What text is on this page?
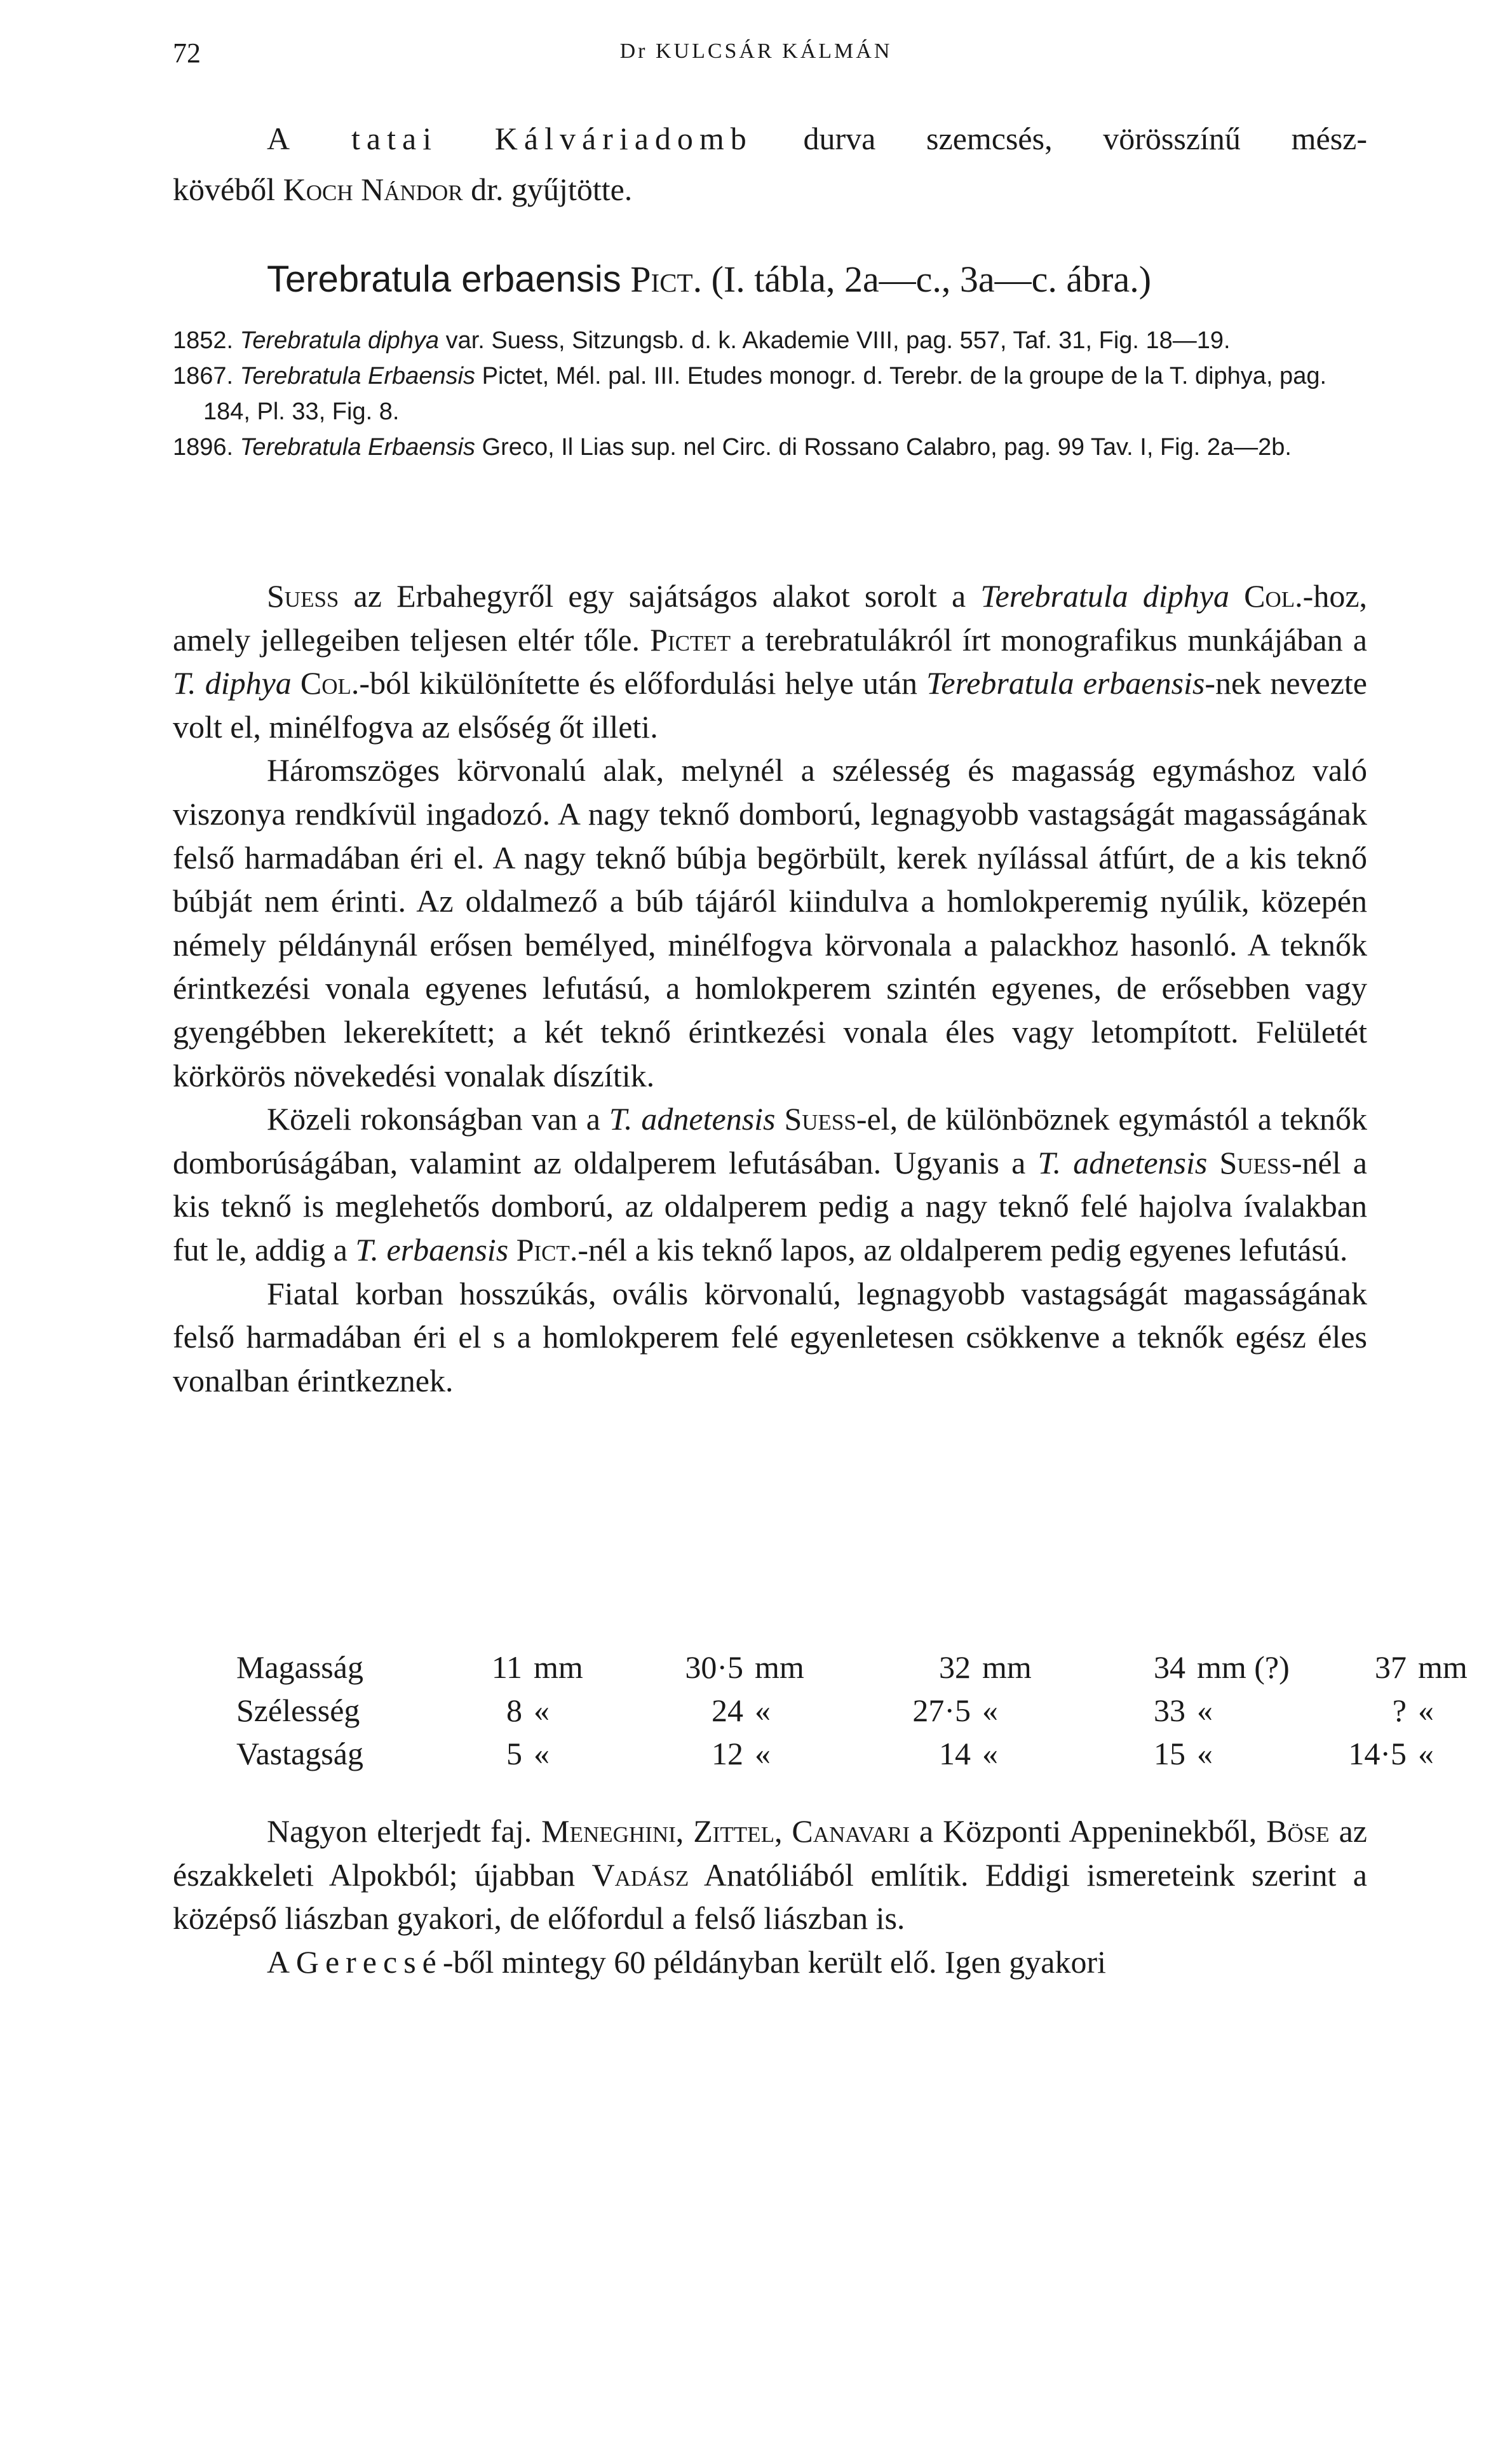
72	Dr KULCSÁR KÁLMÁN
A tatai Kálváriadomb durva szemcsés, vörösszínű mész-
kövéből Koch Nándor dr. gyűjtötte.
Terebratula erbaensis Pict. (I. tábla, 2a—c., 3a—c. ábra.)

1852. Terebratula diphya var. Suess, Sitzungsb. d. k. Akademie VIII, pag. 557, Taf. 31, Fig. 18—19.

1867. Terebratula Erbaensis Pictet, Mél. pal. III. Etudes monogr. d. Terebr. de la groupe de la T. diphya, pag. 184, Pl. 33, Fig. 8.

1896. Terebratula Erbaensis Greco, Il Lias sup. nel Circ. di Rossano Calabro, pag. 99 Tav. I, Fig. 2a—2b.

Suess az Erbahegyről egy sajátságos alakot sorolt a Terebratula diphya Col.-hoz, amely jellegeiben teljesen eltér tőle. Pictet a terebratulákról írt monografikus munkájában a T. diphya Col.-ból kikülönítette és előfordulási helye után Terebratula erbaensis-nek nevezte volt el, minélfogva az elsőség őt illeti.

Háromszöges körvonalú alak, melynél a szélesség és magasság egymáshoz való viszonya rendkívül ingadozó. A nagy teknő domború, legnagyobb vastagságát magasságának felső harmadában éri el. A nagy teknő búbja begörbült, kerek nyílással átfúrt, de a kis teknő búbját nem érinti. Az oldalmező a búb tájáról kiindulva a homlokperemig nyúlik, közepén némely példánynál erősen bemélyed, minélfogva körvonala a palackhoz hasonló. A teknők érintkezési vonala egyenes lefutású, a homlokperem szintén egyenes, de erősebben vagy gyengébben lekerekített; a két teknő érintkezési vonala éles vagy letompított. Felületét körkörös növekedési vonalak díszítik.

Közeli rokonságban van a T. adnetensis Suess-el, de különböznek egymástól a teknők domborúságában, valamint az oldalperem lefutásában. Ugyanis a T. adnetensis Suess-nél a kis teknő is meglehetős domború, az oldalperem pedig a nagy teknő felé hajolva ívalakban fut le, addig a T. erbaensis Pict.-nél a kis teknő lapos, az oldalperem pedig egyenes lefutású.

Fiatal korban hosszúkás, ovális körvonalú, legnagyobb vastagságát magasságának felső harmadában éri el s a homlokperem felé egyenletesen csökkenve a teknők egész éles vonalban érintkeznek.

Magasság	11	mm	30·5	mm	32	mm	34	mm (?)	37	mm
Szélesség	8	«	24	«	27·5	«	33	«	?	«
Vastagság	5	«	12	«	14	«	15	«	14·5	«

Nagyon elterjedt faj. Meneghini, Zittel, Canavari a Központi Appeninekből, Böse az északkeleti Alpokból; újabban Vadász Anatóliából említik. Eddigi ismereteink szerint a középső liászban gyakori, de előfordul a felső liászban is.

A Gerecsé-ből mintegy 60 példányban került elő. Igen gyakori
